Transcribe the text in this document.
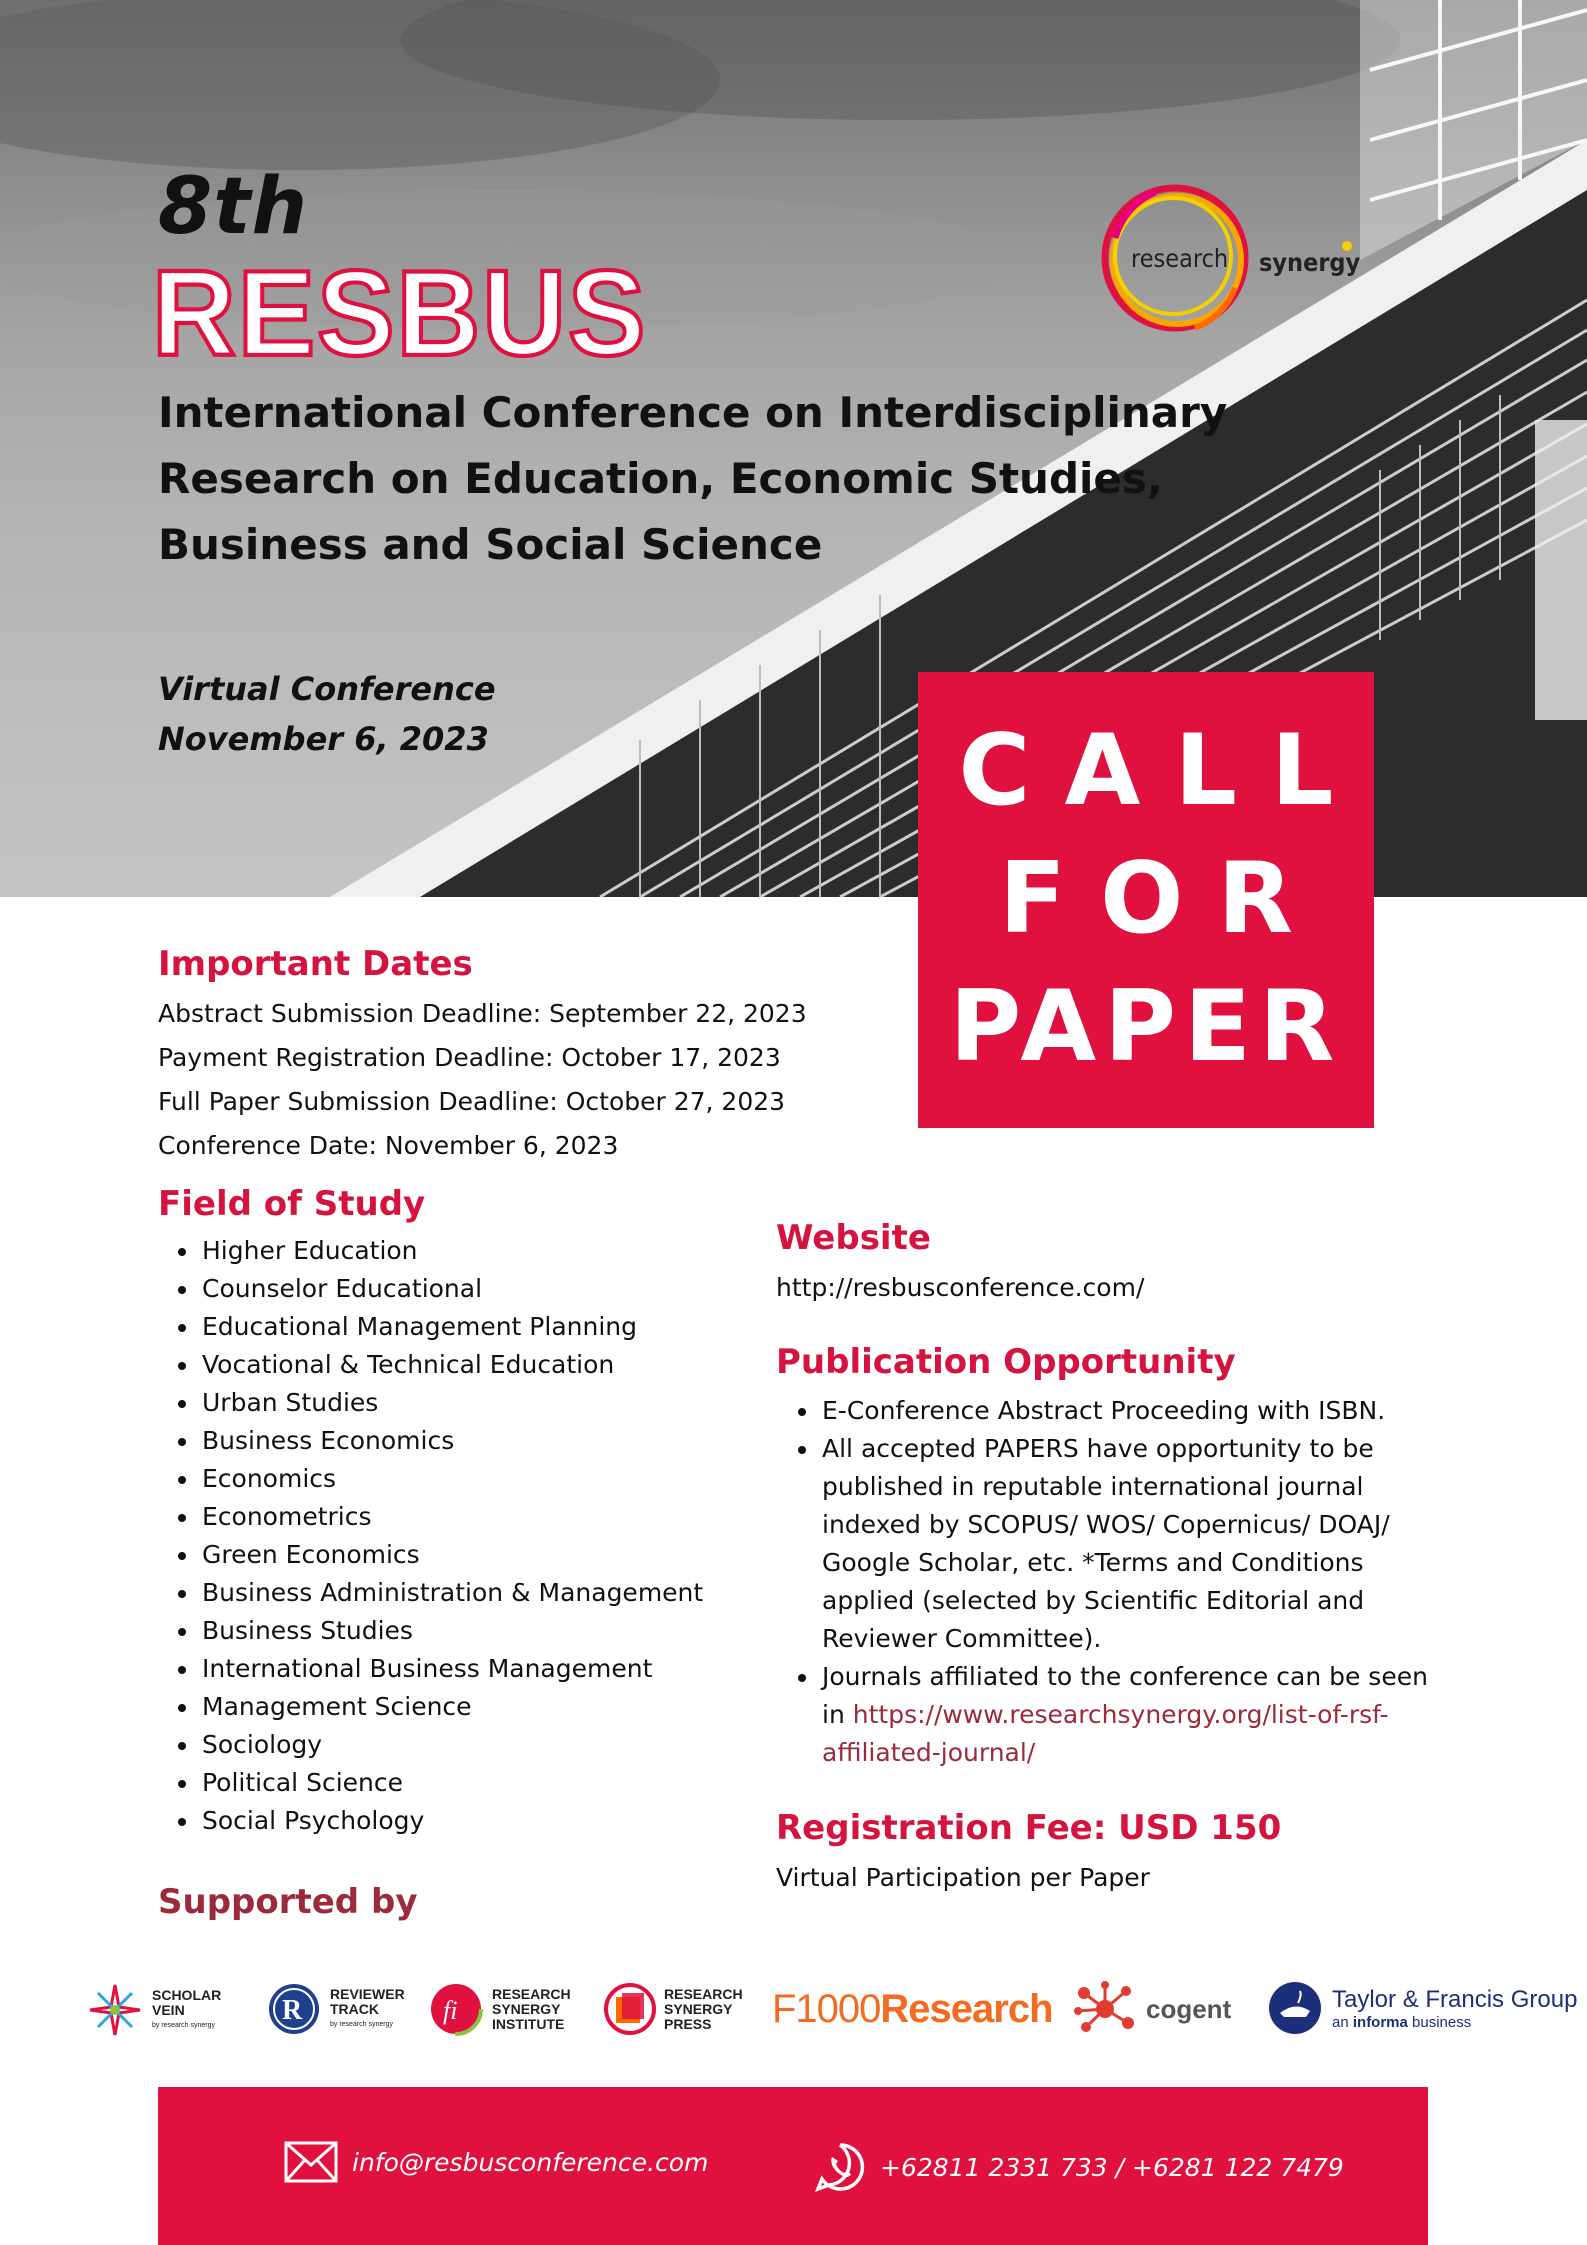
8th
RESBUS
International Conference on Interdisciplinary
Research on Education, Economic Studies,
Business and Social Science
Virtual Conference
November 6, 2023
research synergy
C A L L
F O R
PAPER
Important Dates
Abstract Submission Deadline: September 22, 2023
Payment Registration Deadline: October 17, 2023
Full Paper Submission Deadline: October 27, 2023
Conference Date: November 6, 2023
Field of Study
• Higher Education
• Counselor Educational
• Educational Management Planning
• Vocational & Technical Education
• Urban Studies
• Business Economics
• Economics
• Econometrics
• Green Economics
• Business Administration & Management
• Business Studies
• International Business Management
• Management Science
• Sociology
• Political Science
• Social Psychology
Website
http://resbusconference.com/
Publication Opportunity
• E-Conference Abstract Proceeding with ISBN.
• All accepted PAPERS have opportunity to be published in reputable international journal indexed by SCOPUS/ WOS/ Copernicus/ DOAJ/ Google Scholar, etc. *Terms and Conditions applied (selected by Scientific Editorial and Reviewer Committee).
• Journals affiliated to the conference can be seen in https://www.researchsynergy.org/list-of-rsf-affiliated-journal/
Registration Fee: USD 150
Virtual Participation per Paper
Supported by
SCHOLAR
VEIN
by research synergy R
REVIEWER
TRACK
by research synergy	fi
RESEARCH
SYNERGY
INSTITUTE
RESEARCH
SYNERGY
PRESS	F1000 Research	cogent	Taylor & Francis Group
an informa business
info@resbusconference.com	+62811 2331 733 / +6281 122 7479
